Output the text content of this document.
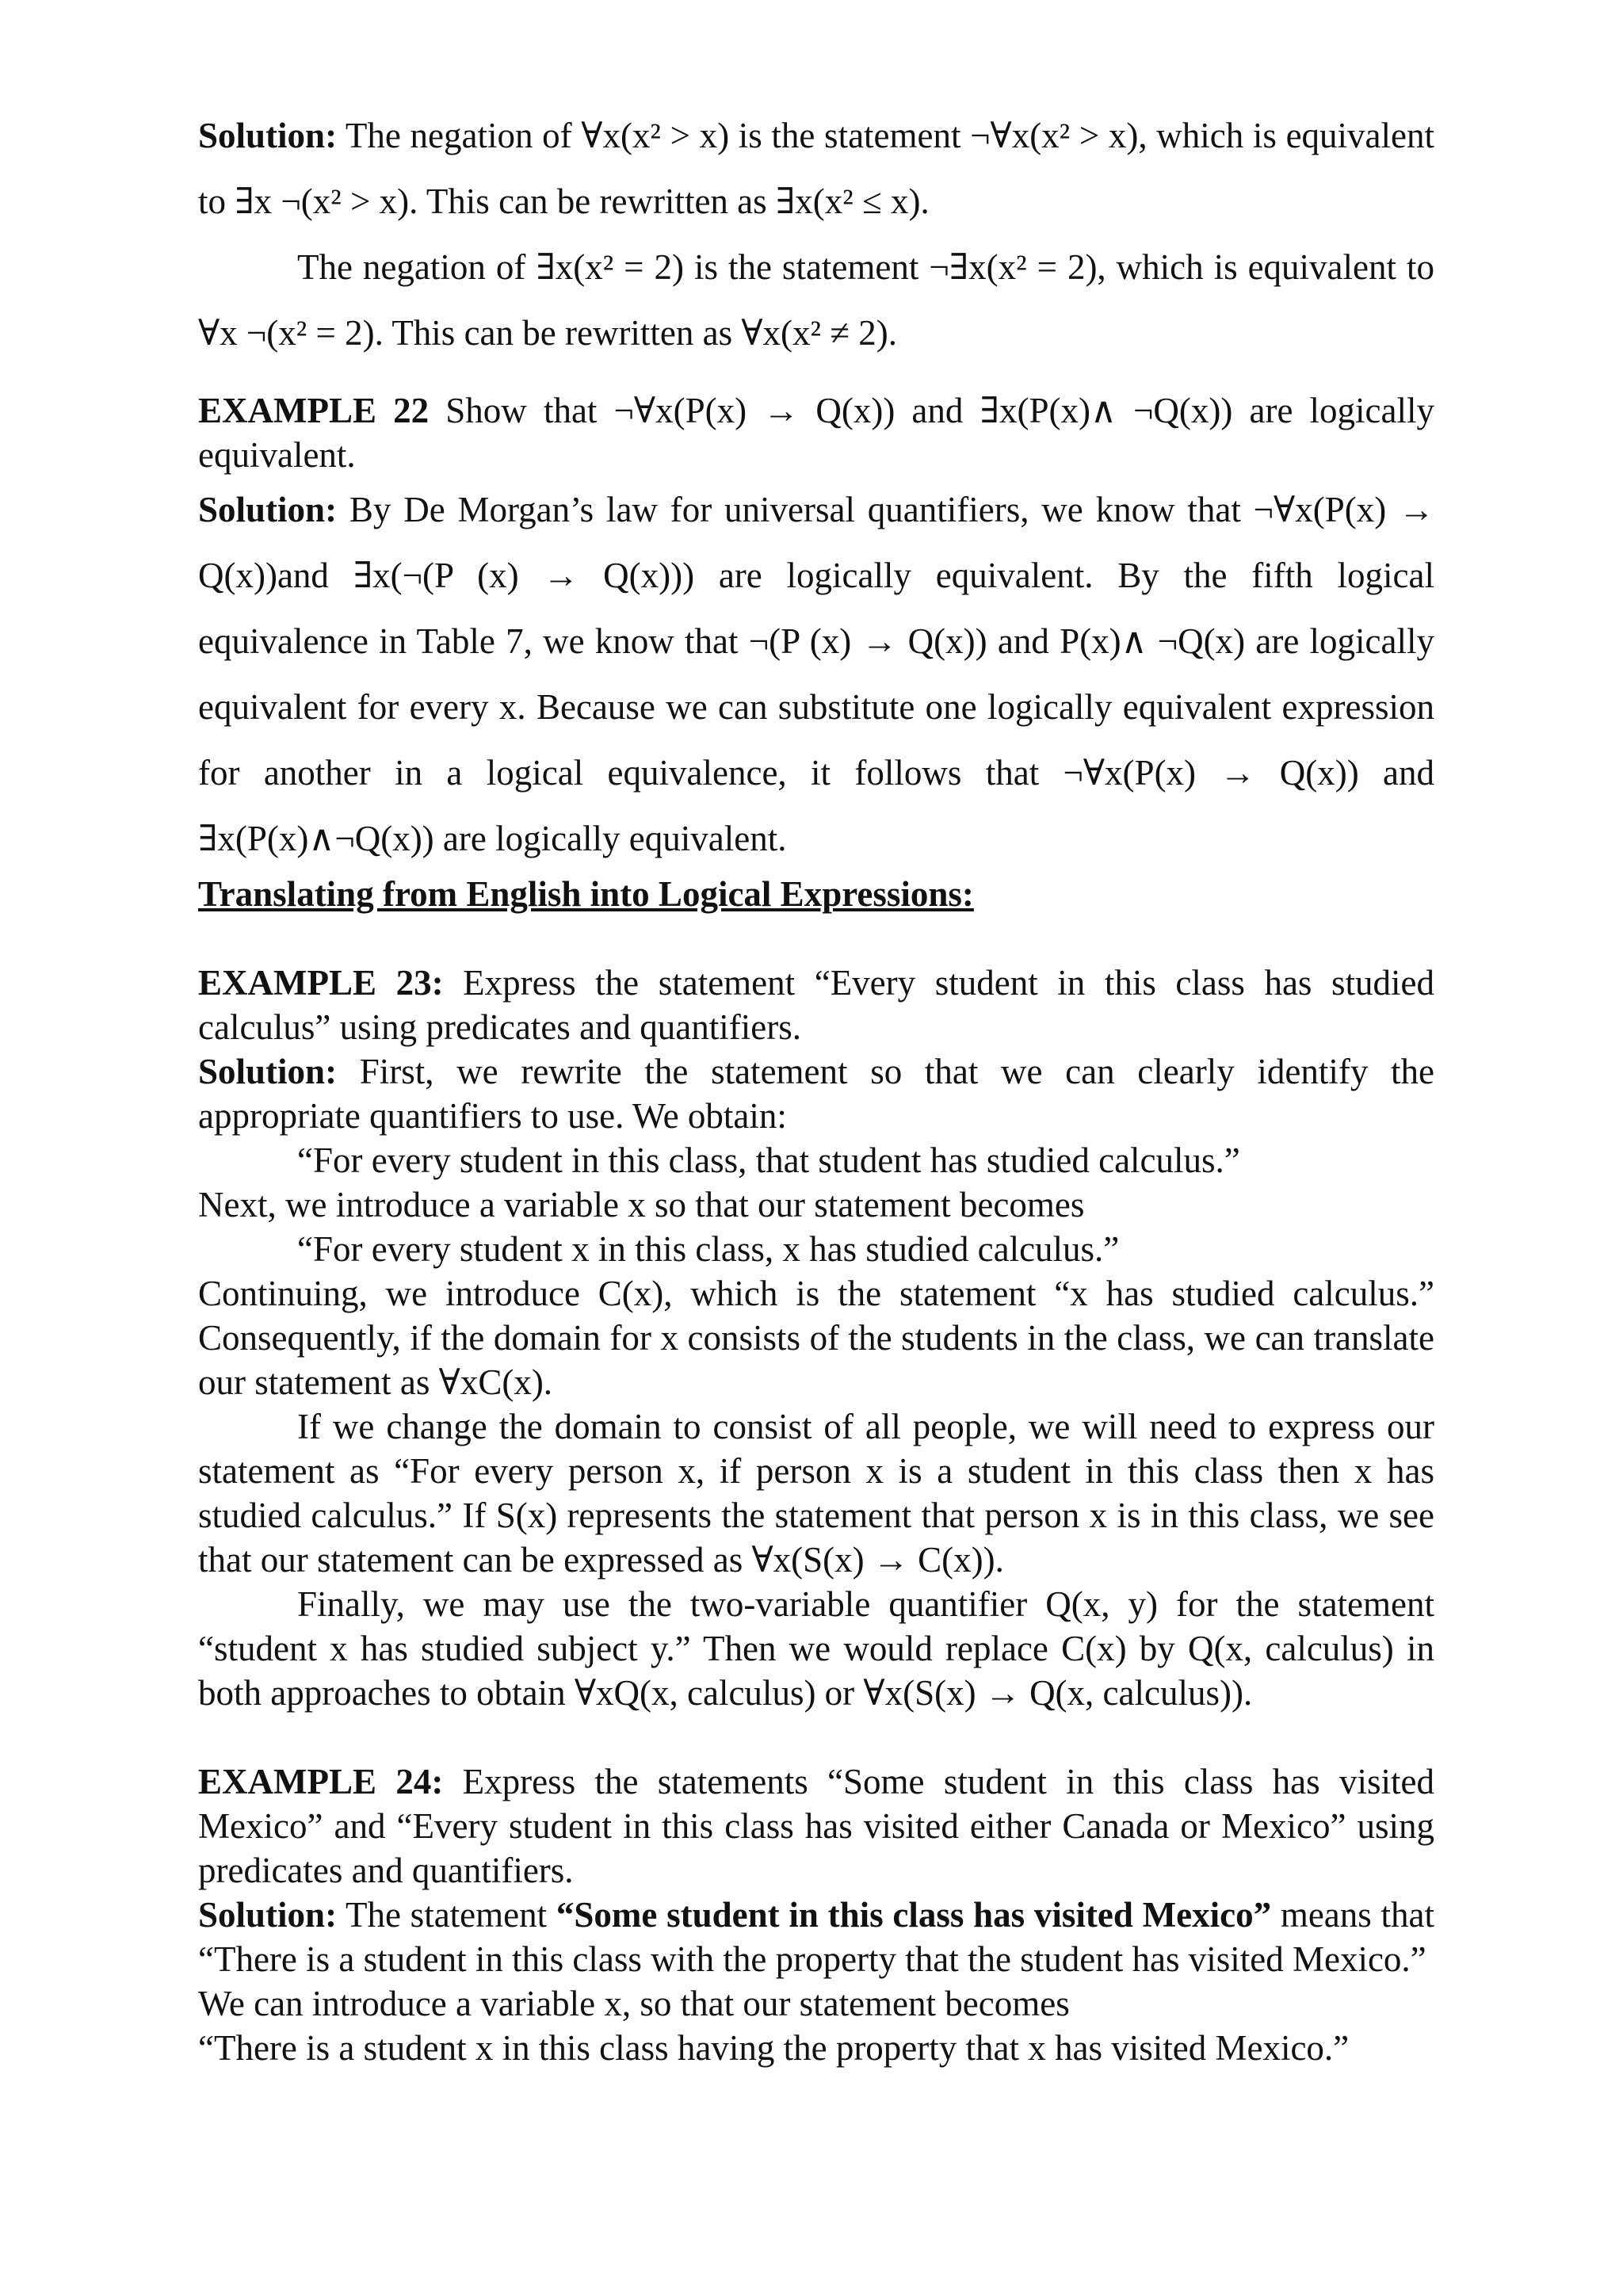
Solution: The negation of ∀x(x² > x) is the statement ¬∀x(x² > x), which is equivalent to ∃x ¬(x² > x). This can be rewritten as ∃x(x² ≤ x).

The negation of ∃x(x² = 2) is the statement ¬∃x(x² = 2), which is equivalent to ∀x ¬(x² = 2). This can be rewritten as ∀x(x² ≠ 2).

EXAMPLE 22 Show that ¬∀x(P(x) → Q(x)) and ∃x(P(x)∧ ¬Q(x)) are logically equivalent.

Solution: By De Morgan’s law for universal quantifiers, we know that ¬∀x(P(x) → Q(x))and ∃x(¬(P (x) → Q(x))) are logically equivalent. By the fifth logical equivalence in Table 7, we know that ¬(P (x) → Q(x)) and P(x)∧ ¬Q(x) are logically equivalent for every x. Because we can substitute one logically equivalent expression for another in a logical equivalence, it follows that ¬∀x(P(x) → Q(x)) and ∃x(P(x)∧¬Q(x)) are logically equivalent.

Translating from English into Logical Expressions:

EXAMPLE 23: Express the statement “Every student in this class has studied calculus” using predicates and quantifiers.

Solution: First, we rewrite the statement so that we can clearly identify the appropriate quantifiers to use. We obtain:

“For every student in this class, that student has studied calculus.”

Next, we introduce a variable x so that our statement becomes

“For every student x in this class, x has studied calculus.”

Continuing, we introduce C(x), which is the statement “x has studied calculus.” Consequently, if the domain for x consists of the students in the class, we can translate our statement as ∀xC(x).

If we change the domain to consist of all people, we will need to express our statement as “For every person x, if person x is a student in this class then x has studied calculus.” If S(x) represents the statement that person x is in this class, we see that our statement can be expressed as ∀x(S(x) → C(x)).

Finally, we may use the two-variable quantifier Q(x, y) for the statement “student x has studied subject y.” Then we would replace C(x) by Q(x, calculus) in both approaches to obtain ∀xQ(x, calculus) or ∀x(S(x) → Q(x, calculus)).

EXAMPLE 24: Express the statements “Some student in this class has visited Mexico” and “Every student in this class has visited either Canada or Mexico” using predicates and quantifiers.

Solution: The statement “Some student in this class has visited Mexico” means that “There is a student in this class with the property that the student has visited Mexico.”

We can introduce a variable x, so that our statement becomes

“There is a student x in this class having the property that x has visited Mexico.”
